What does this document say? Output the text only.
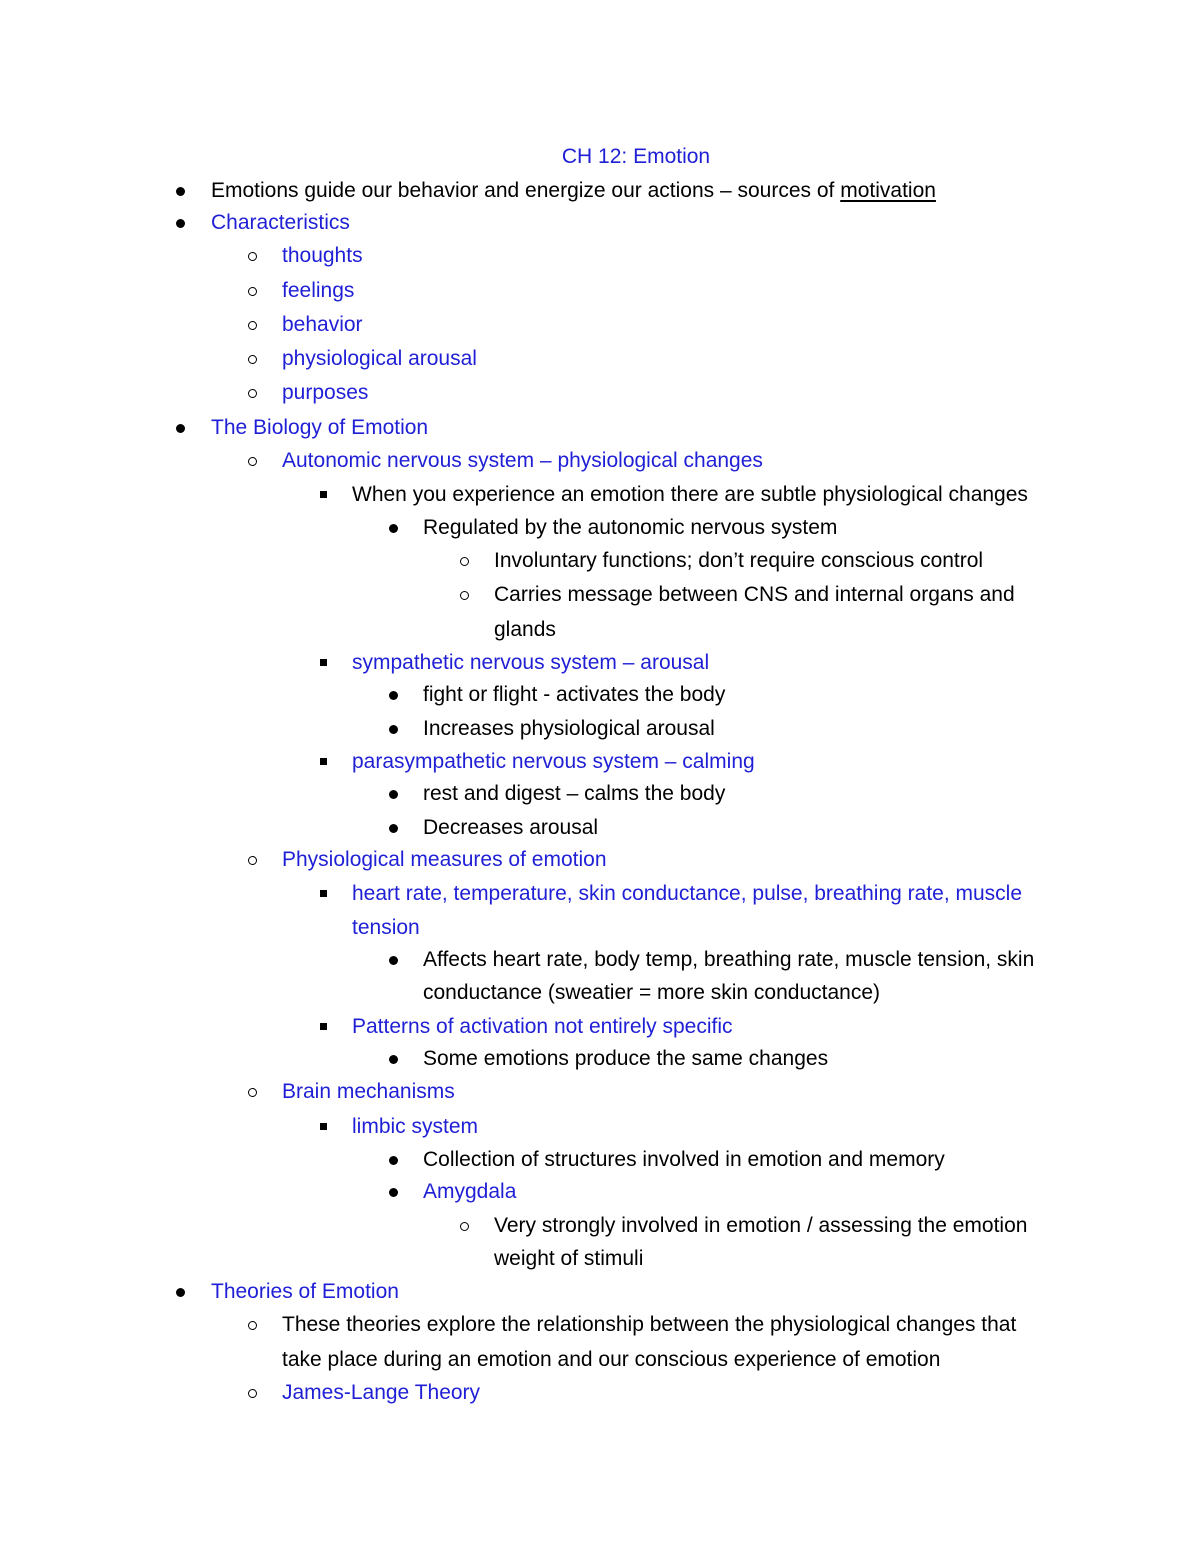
CH 12: Emotion
Emotions guide our behavior and energize our actions – sources of motivation
Characteristics
thoughts
feelings
behavior
physiological arousal
purposes
The Biology of Emotion
Autonomic nervous system – physiological changes
When you experience an emotion there are subtle physiological changes
Regulated by the autonomic nervous system
Involuntary functions; don’t require conscious control
Carries message between CNS and internal organs and
glands
sympathetic nervous system – arousal
fight or flight - activates the body
Increases physiological arousal
parasympathetic nervous system – calming
rest and digest – calms the body
Decreases arousal
Physiological measures of emotion
heart rate, temperature, skin conductance, pulse, breathing rate, muscle
tension
Affects heart rate, body temp, breathing rate, muscle tension, skin
conductance (sweatier = more skin conductance)
Patterns of activation not entirely specific
Some emotions produce the same changes
Brain mechanisms
limbic system
Collection of structures involved in emotion and memory
Amygdala
Very strongly involved in emotion / assessing the emotion
weight of stimuli
Theories of Emotion
These theories explore the relationship between the physiological changes that
take place during an emotion and our conscious experience of emotion
James-Lange Theory
